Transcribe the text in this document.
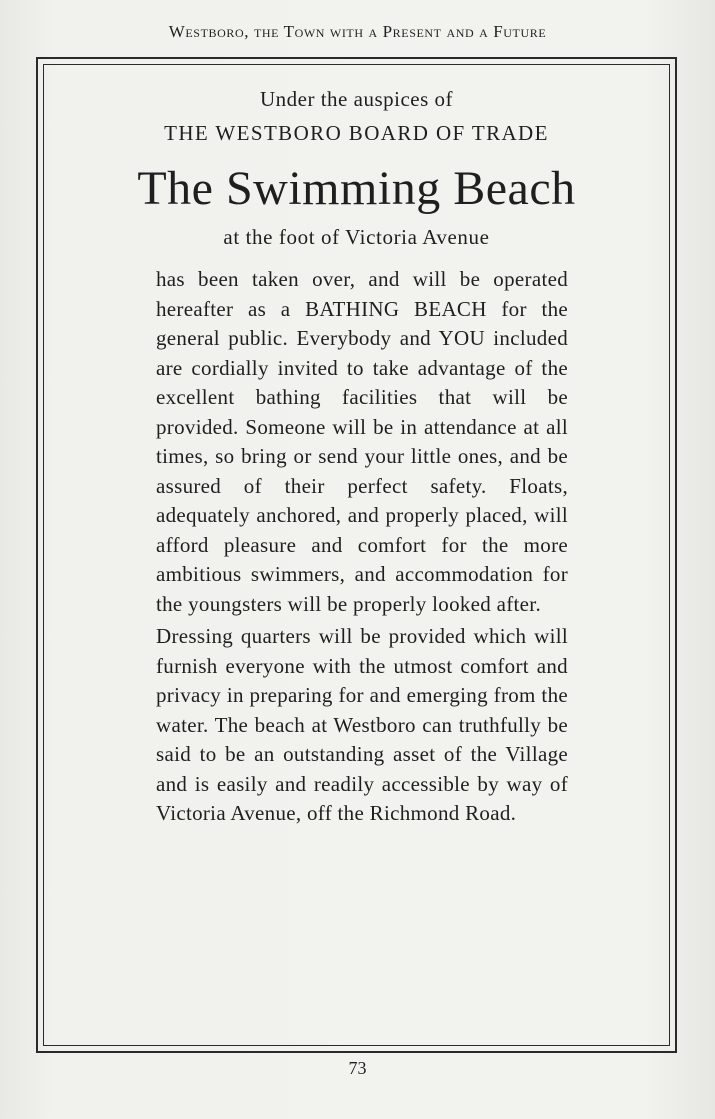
Westboro, the Town with a Present and a Future
Under the auspices of
THE WESTBORO BOARD OF TRADE
The Swimming Beach
at the foot of Victoria Avenue

has been taken over, and will be operated hereafter as a BATHING BEACH for the general public. Everybody and YOU included are cordially invited to take advantage of the excellent bathing facilities that will be provided. Someone will be in attendance at all times, so bring or send your little ones, and be assured of their perfect safety. Floats, adequately anchored, and properly placed, will afford pleasure and comfort for the more ambitious swimmers, and accommodation for the youngsters will be properly looked after.

Dressing quarters will be provided which will furnish everyone with the utmost comfort and privacy in preparing for and emerging from the water. The beach at Westboro can truthfully be said to be an outstanding asset of the Village and is easily and readily accessible by way of Victoria Avenue, off the Richmond Road.

73
